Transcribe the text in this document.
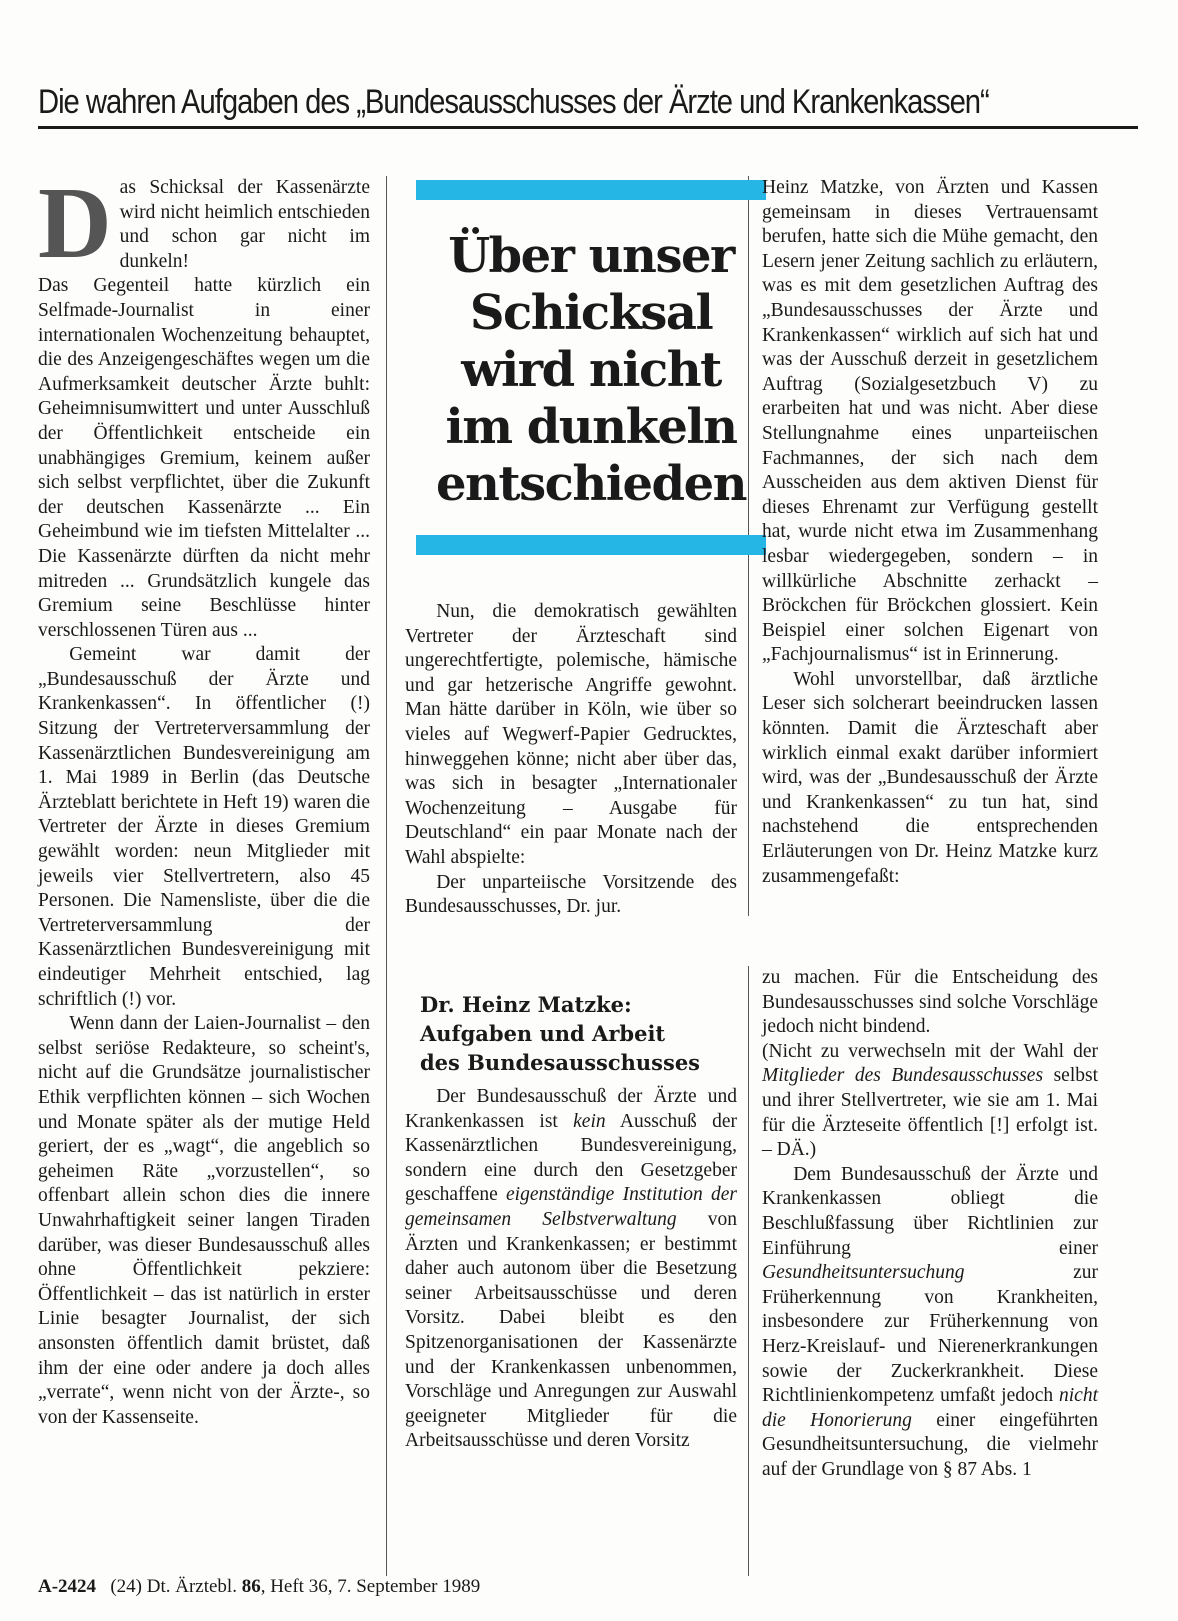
Die wahren Aufgaben des „Bundesausschusses der Ärzte und Krankenkassen“

D as Schicksal der Kassenärzte wird nicht heimlich entschieden und schon gar nicht im dunkeln!

Das Gegenteil hatte kürzlich ein Selfmade-Journalist in einer internationalen Wochenzeitung behauptet, die des Anzeigengeschäftes wegen um die Aufmerksamkeit deutscher Ärzte buhlt: Geheimnisumwittert und unter Ausschluß der Öffentlichkeit entscheide ein unabhängiges Gremium, keinem außer sich selbst verpflichtet, über die Zukunft der deutschen Kassenärzte ... Ein Geheimbund wie im tiefsten Mittelalter ... Die Kassenärzte dürften da nicht mehr mitreden ... Grundsätzlich kungele das Gremium seine Beschlüsse hinter verschlossenen Türen aus ...

Gemeint war damit der „Bundesausschuß der Ärzte und Krankenkassen“. In öffentlicher (!) Sitzung der Vertreterversammlung der Kassenärztlichen Bundesvereinigung am 1. Mai 1989 in Berlin (das Deutsche Ärzteblatt berichtete in Heft 19) waren die Vertreter der Ärzte in dieses Gremium gewählt worden: neun Mitglieder mit jeweils vier Stellvertretern, also 45 Personen. Die Namensliste, über die die Vertreterversammlung der Kassenärztlichen Bundesvereinigung mit eindeutiger Mehrheit entschied, lag schriftlich (!) vor.

Wenn dann der Laien-Journalist – den selbst seriöse Redakteure, so scheint's, nicht auf die Grundsätze journalistischer Ethik verpflichten können – sich Wochen und Monate später als der mutige Held geriert, der es „wagt“, die angeblich so geheimen Räte „vorzustellen“, so offenbart allein schon dies die innere Unwahrhaftigkeit seiner langen Tiraden darüber, was dieser Bundesausschuß alles ohne Öffentlichkeit pekziere: Öffentlichkeit – das ist natürlich in erster Linie besagter Journalist, der sich ansonsten öffentlich damit brüstet, daß ihm der eine oder andere ja doch alles „verrate“, wenn nicht von der Ärzte-, so von der Kassenseite.

Über unser
Schicksal
wird nicht
im dunkeln
entschieden

Nun, die demokratisch gewählten Vertreter der Ärzteschaft sind ungerechtfertigte, polemische, hämische und gar hetzerische Angriffe gewohnt. Man hätte darüber in Köln, wie über so vieles auf Wegwerf-Papier Gedrucktes, hinweggehen könne; nicht aber über das, was sich in besagter „Internationaler Wochenzeitung – Ausgabe für Deutschland“ ein paar Monate nach der Wahl abspielte:

Der unparteiische Vorsitzende des Bundesausschusses, Dr. jur.

Heinz Matzke, von Ärzten und Kassen gemeinsam in dieses Vertrauensamt berufen, hatte sich die Mühe gemacht, den Lesern jener Zeitung sachlich zu erläutern, was es mit dem gesetzlichen Auftrag des „Bundesausschusses der Ärzte und Krankenkassen“ wirklich auf sich hat und was der Ausschuß derzeit in gesetzlichem Auftrag (Sozialgesetzbuch V) zu erarbeiten hat und was nicht. Aber diese Stellungnahme eines unparteiischen Fachmannes, der sich nach dem Ausscheiden aus dem aktiven Dienst für dieses Ehrenamt zur Verfügung gestellt hat, wurde nicht etwa im Zusammenhang lesbar wiedergegeben, sondern – in willkürliche Abschnitte zerhackt – Bröckchen für Bröckchen glossiert. Kein Beispiel einer solchen Eigenart von „Fachjournalismus“ ist in Erinnerung.

Wohl unvorstellbar, daß ärztliche Leser sich solcherart beeindrucken lassen könnten. Damit die Ärzteschaft aber wirklich einmal exakt darüber informiert wird, was der „Bundesausschuß der Ärzte und Krankenkassen“ zu tun hat, sind nachstehend die entsprechenden Erläuterungen von Dr. Heinz Matzke kurz zusammengefaßt:

Dr. Heinz Matzke:
Aufgaben und Arbeit
des Bundesausschusses

Der Bundesausschuß der Ärzte und Krankenkassen ist kein Ausschuß der Kassenärztlichen Bundesvereinigung, sondern eine durch den Gesetzgeber geschaffene eigenständige Institution der gemeinsamen Selbstverwaltung von Ärzten und Krankenkassen; er bestimmt daher auch autonom über die Besetzung seiner Arbeitsausschüsse und deren Vorsitz. Dabei bleibt es den Spitzenorganisationen der Kassenärzte und der Krankenkassen unbenommen, Vorschläge und Anregungen zur Auswahl geeigneter Mitglieder für die Arbeitsausschüsse und deren Vorsitz

zu machen. Für die Entscheidung des Bundesausschusses sind solche Vorschläge jedoch nicht bindend.

(Nicht zu verwechseln mit der Wahl der Mitglieder des Bundesausschusses selbst und ihrer Stellvertreter, wie sie am 1. Mai für die Ärzteseite öffentlich [!] erfolgt ist. – DÄ.)

Dem Bundesausschuß der Ärzte und Krankenkassen obliegt die Beschlußfassung über Richtlinien zur Einführung einer Gesundheitsuntersuchung zur Früherkennung von Krankheiten, insbesondere zur Früherkennung von Herz-Kreislauf- und Nierenerkrankungen sowie der Zuckerkrankheit. Diese Richtlinienkompetenz umfaßt jedoch nicht die Honorierung einer eingeführten Gesundheitsuntersuchung, die vielmehr auf der Grundlage von § 87 Abs. 1

A-2424 (24) Dt. Ärztebl. 86, Heft 36, 7. September 1989
